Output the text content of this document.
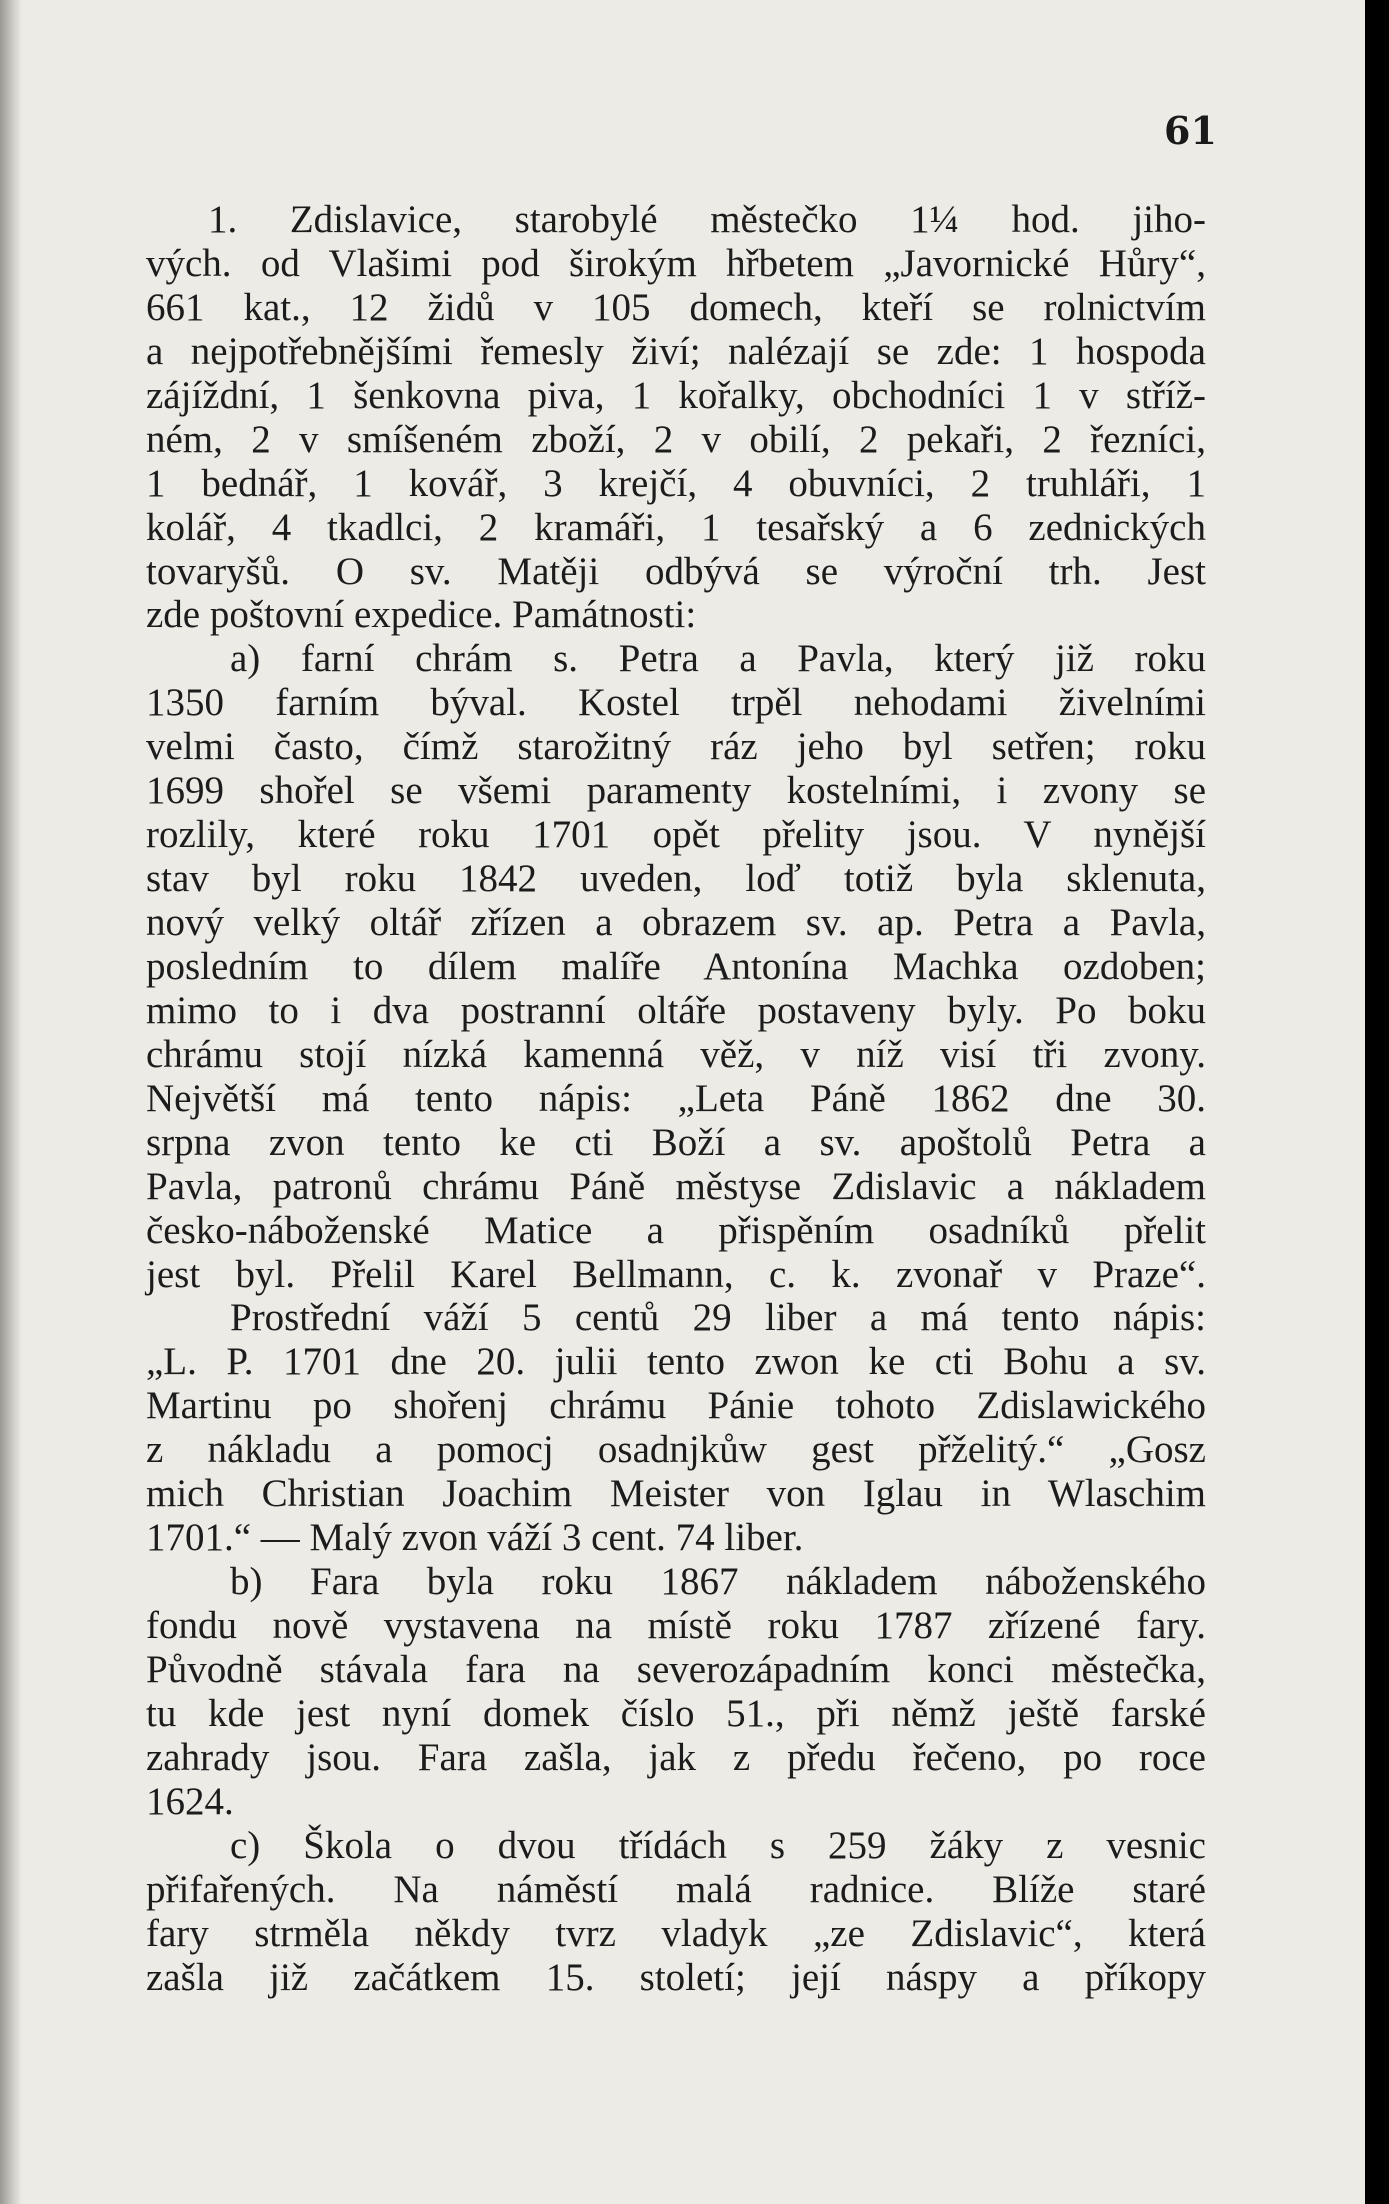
61
1. Zdislavice, starobylé městečko 1¼ hod. jiho-
vých. od Vlašimi pod širokým hřbetem „Javornické Hůry“,
661 kat., 12 židů v 105 domech, kteří se rolnictvím
a nejpotřebnějšími řemesly živí; nalézají se zde: 1 hospoda
zájíždní, 1 šenkovna piva, 1 kořalky, obchodníci 1 v stříž-
ném, 2 v smíšeném zboží, 2 v obilí, 2 pekaři, 2 řezníci,
1 bednář, 1 kovář, 3 krejčí, 4 obuvníci, 2 truhláři, 1
kolář, 4 tkadlci, 2 kramáři, 1 tesařský a 6 zednických
tovaryšů. O sv. Matěji odbývá se výroční trh. Jest
zde poštovní expedice. Památnosti:
a) farní chrám s. Petra a Pavla, který již roku
1350 farním býval. Kostel trpěl nehodami živelními
velmi často, čímž starožitný ráz jeho byl setřen; roku
1699 shořel se všemi paramenty kostelními, i zvony se
rozlily, které roku 1701 opět přelity jsou. V nynější
stav byl roku 1842 uveden, loď totiž byla sklenuta,
nový velký oltář zřízen a obrazem sv. ap. Petra a Pavla,
posledním to dílem malíře Antonína Machka ozdoben;
mimo to i dva postranní oltáře postaveny byly. Po boku
chrámu stojí nízká kamenná věž, v níž visí tři zvony.
Největší má tento nápis: „Leta Páně 1862 dne 30.
srpna zvon tento ke cti Boží a sv. apoštolů Petra a
Pavla, patronů chrámu Páně městyse Zdislavic a nákladem
česko-náboženské Matice a přispěním osadníků přelit
jest byl. Přelil Karel Bellmann, c. k. zvonař v Praze“.
Prostřední váží 5 centů 29 liber a má tento nápis:
„L. P. 1701 dne 20. julii tento zwon ke cti Bohu a sv.
Martinu po shořenj chrámu Pánie tohoto Zdislawického
z nákladu a pomocj osadnjkůw gest přželitý.“ „Gosz
mich Christian Joachim Meister von Iglau in Wlaschim
1701.“ — Malý zvon váží 3 cent. 74 liber.
b) Fara byla roku 1867 nákladem náboženského
fondu nově vystavena na místě roku 1787 zřízené fary.
Původně stávala fara na severozápadním konci městečka,
tu kde jest nyní domek číslo 51., při němž ještě farské
zahrady jsou. Fara zašla, jak z předu řečeno, po roce
1624.
c) Škola o dvou třídách s 259 žáky z vesnic
přifařených. Na náměstí malá radnice. Blíže staré
fary strměla někdy tvrz vladyk „ze Zdislavic“, která
zašla již začátkem 15. století; její náspy a příkopy
